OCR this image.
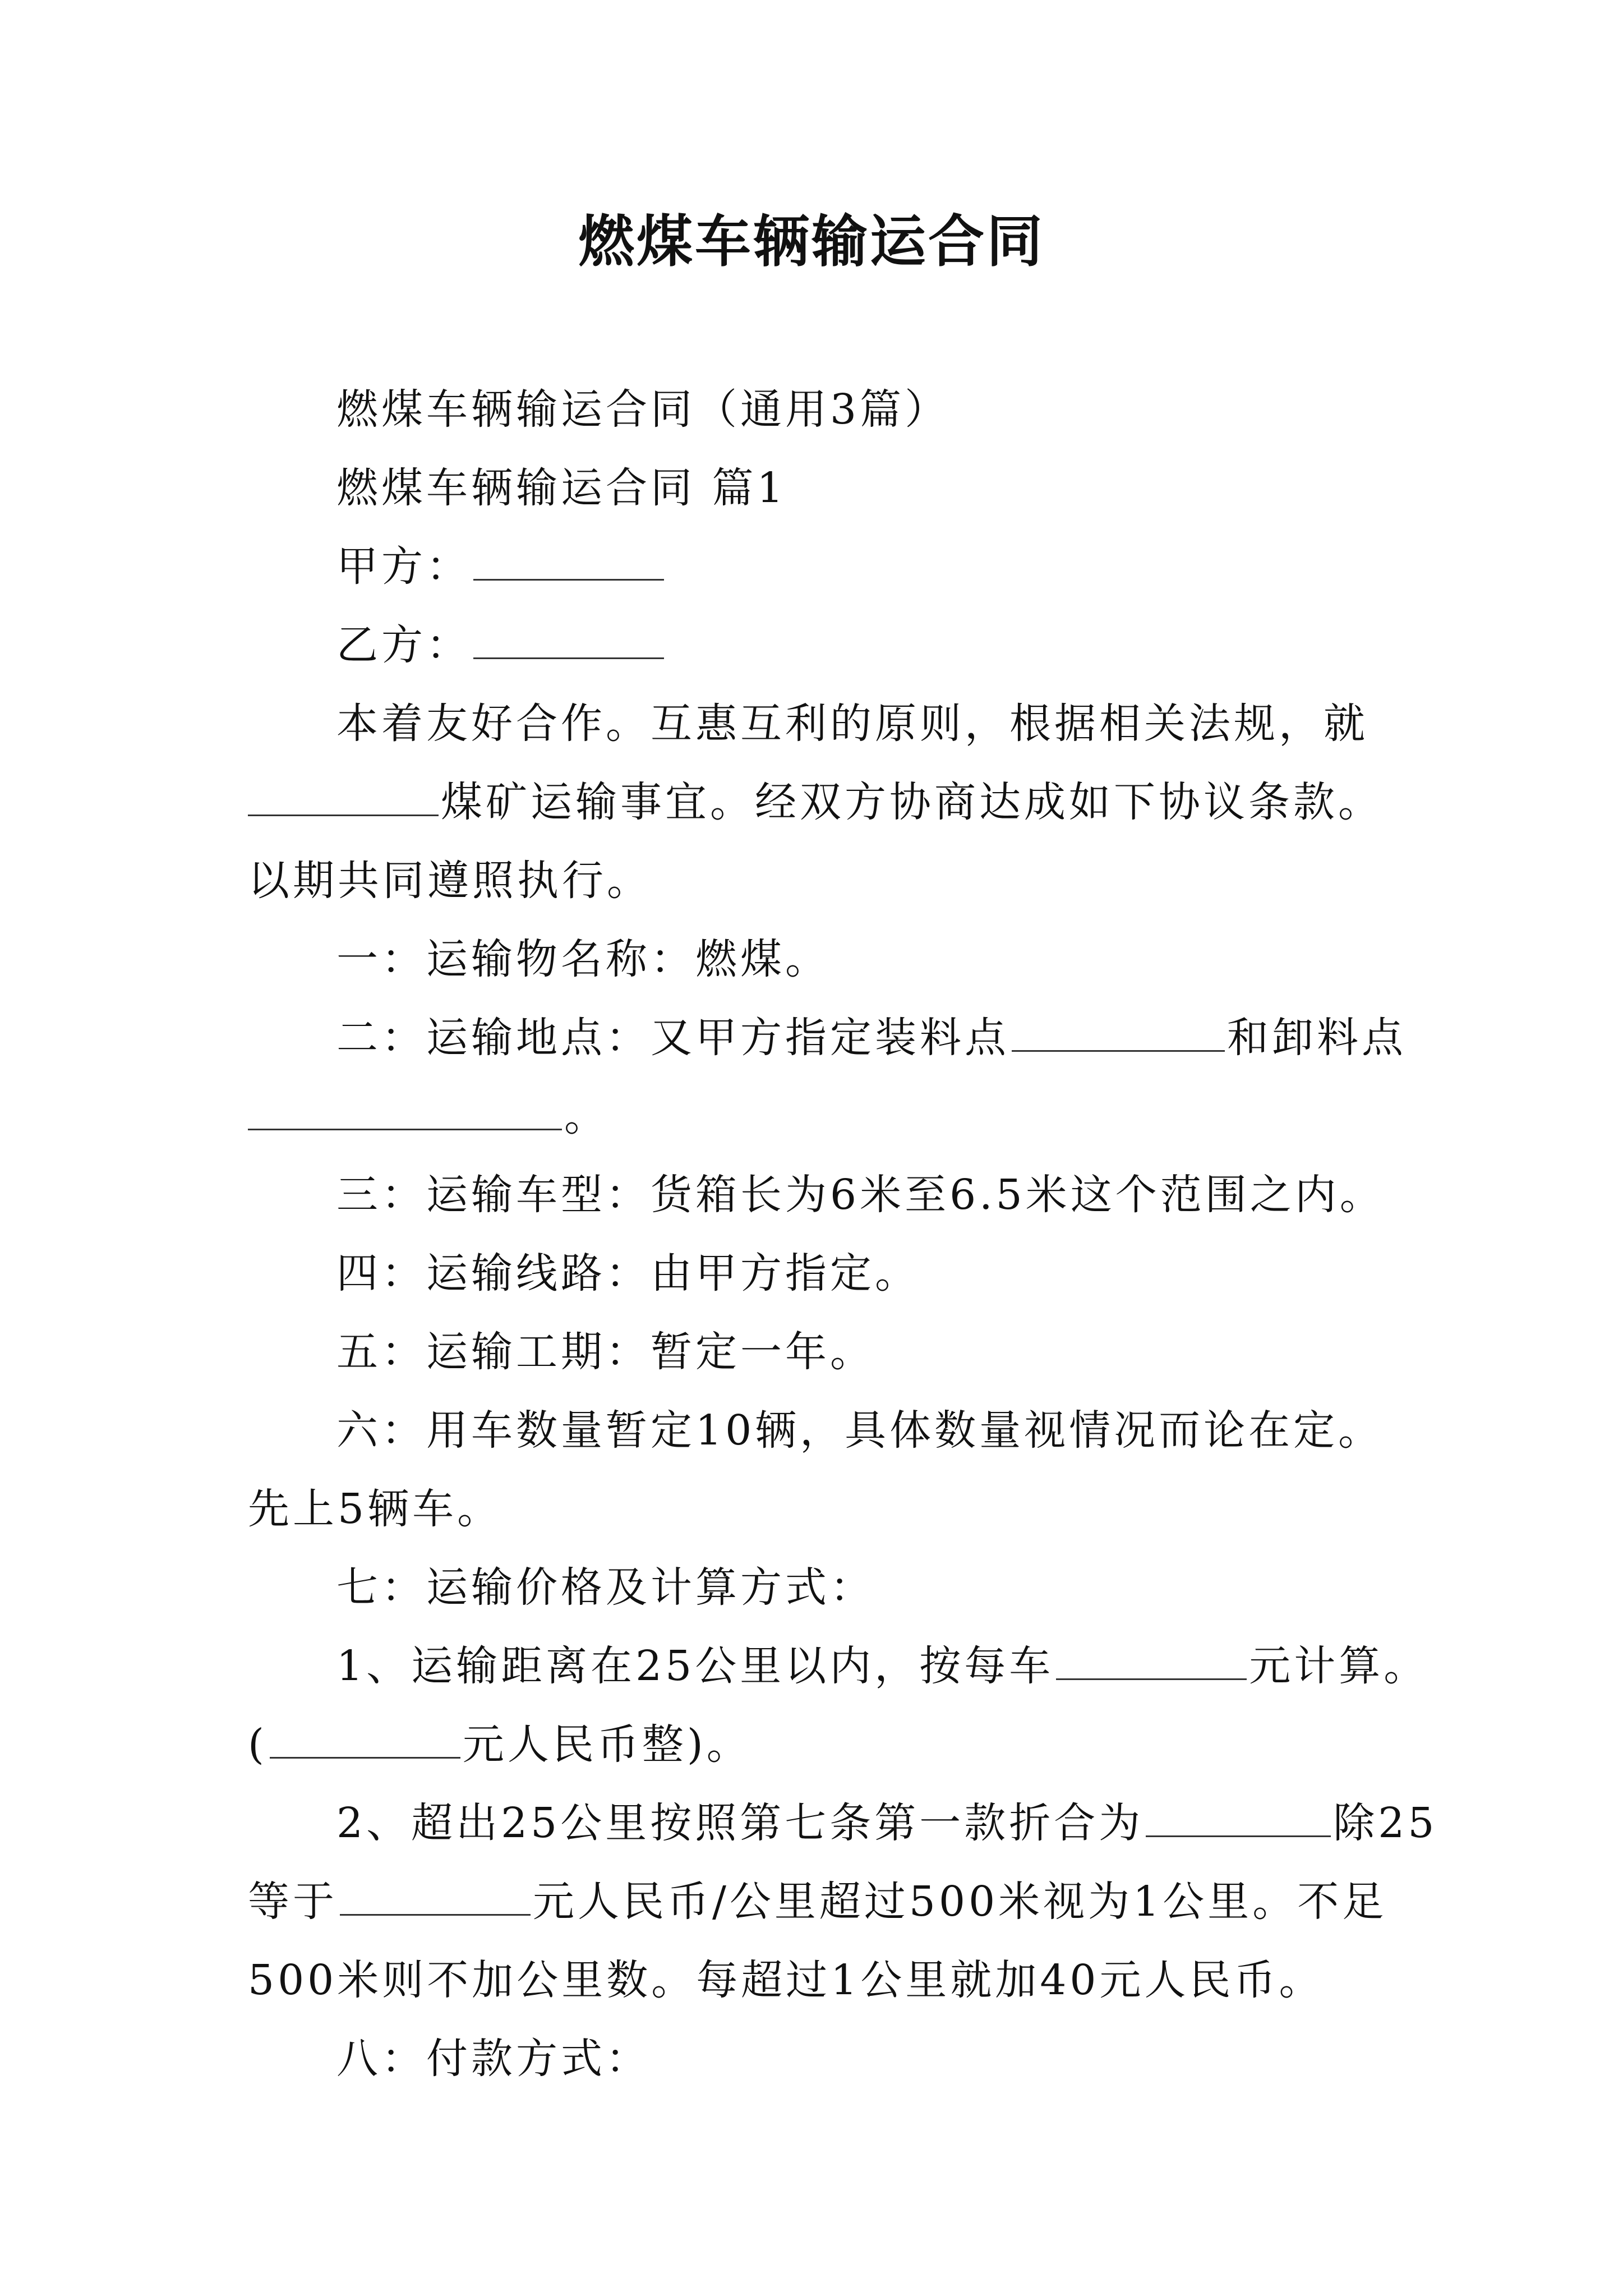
燃煤车辆输运合同
燃煤车辆输运合同（通用3篇）
燃煤车辆输运合同 篇1
甲方：
乙方：
本着友好合作。互惠互利的原则，根据相关法规，就
煤矿运输事宜。经双方协商达成如下协议条款。
以期共同遵照执行。
一：运输物名称：燃煤。
二：运输地点：又甲方指定装料点	和卸料点
。
三：运输车型：货箱长为6米至6.5米这个范围之内。
四：运输线路：由甲方指定。
五：运输工期：暂定一年。
六：用车数量暂定10辆，具体数量视情况而论在定。
先上5辆车。
七：运输价格及计算方式：
1、运输距离在25公里以内，按每车	元计算。
(	元人民币整)。
2、超出25公里按照第七条第一款折合为	除25
等于	元人民币/公里超过500米视为1公里。不足
500米则不加公里数。每超过1公里就加40元人民币。
八：付款方式：
